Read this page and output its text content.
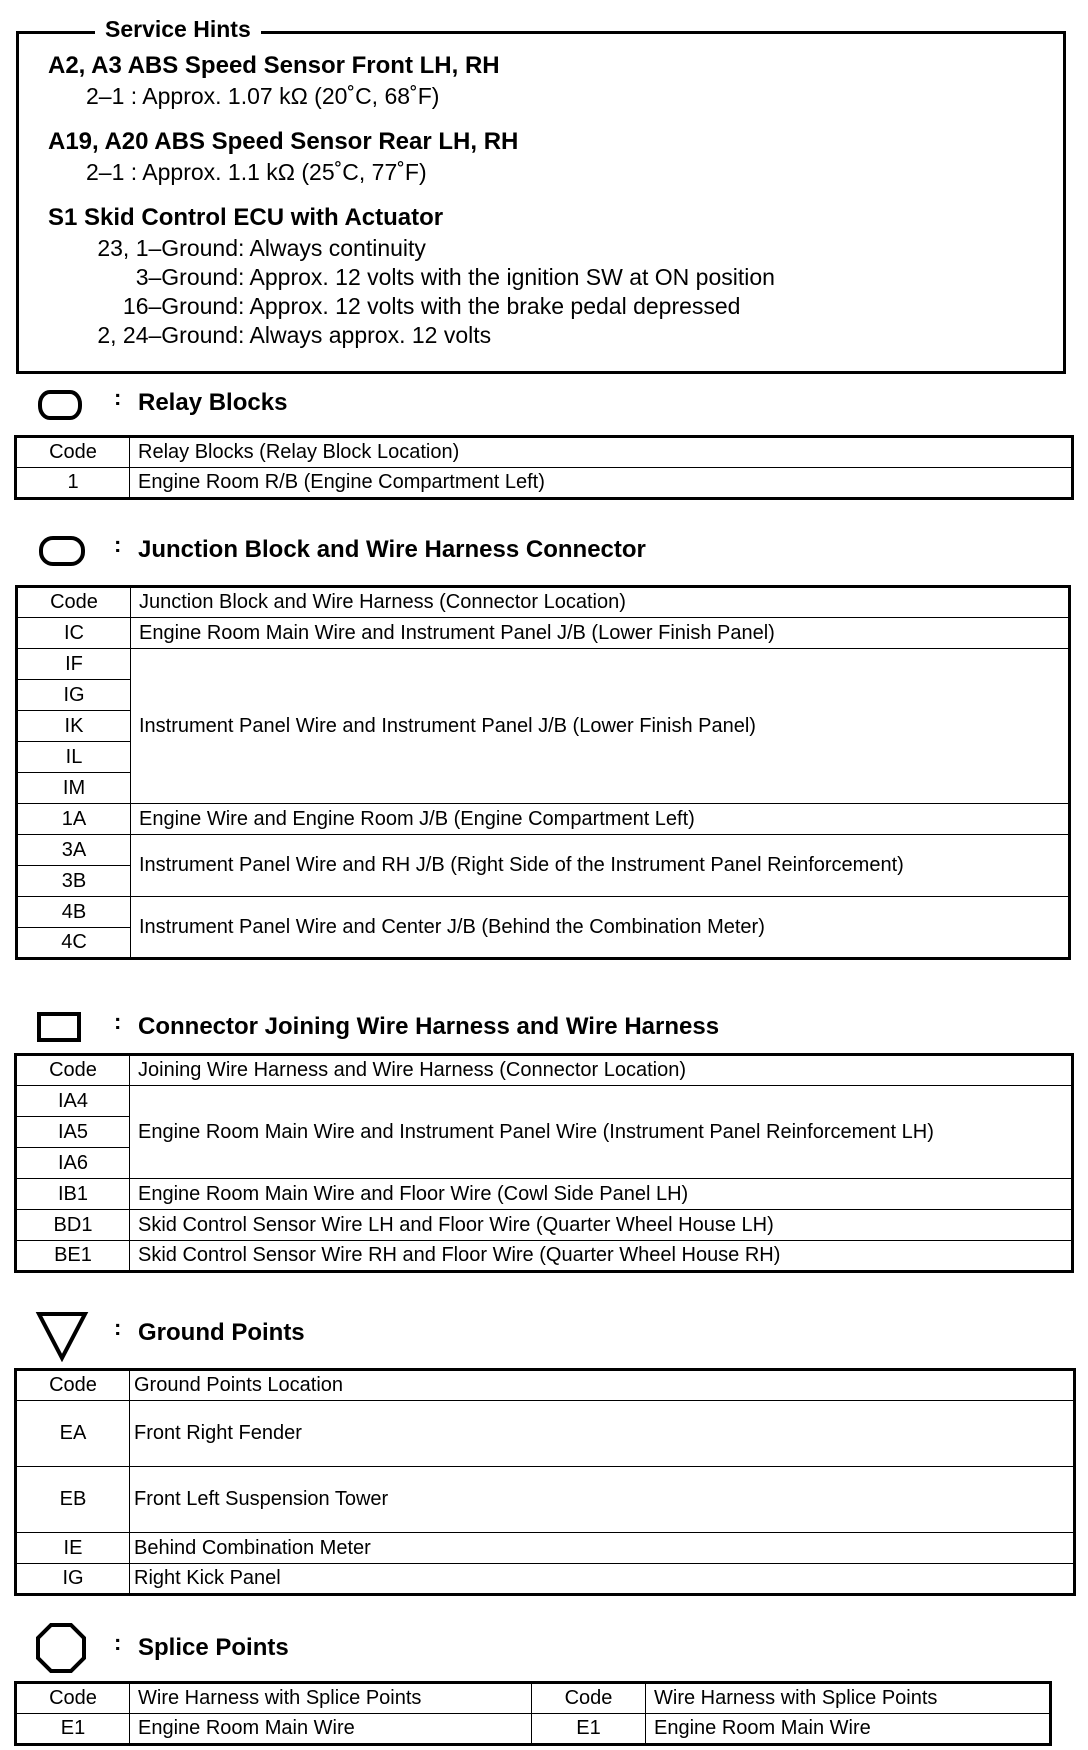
Service Hints
A2, A3 ABS Speed Sensor Front LH, RH
2–1 : Approx. 1.07 kΩ (20˚C, 68˚F)
A19, A20 ABS Speed Sensor Rear LH, RH
2–1 : Approx. 1.1 kΩ (25˚C, 77˚F)
S1 Skid Control ECU with Actuator
23, 1–Ground : Always continuity
3–Ground : Approx. 12 volts with the ignition SW at ON position
16–Ground : Approx. 12 volts with the brake pedal depressed
2, 24–Ground : Always approx. 12 volts
: Relay Blocks
Code	Relay Blocks (Relay Block Location)
1	Engine Room R/B (Engine Compartment Left)
: Junction Block and Wire Harness Connector
Code	Junction Block and Wire Harness (Connector Location)
IC	Engine Room Main Wire and Instrument Panel J/B (Lower Finish Panel)
IF	Instrument Panel Wire and Instrument Panel J/B (Lower Finish Panel)
IG	
IK	
IL	
IM	
1A	Engine Wire and Engine Room J/B (Engine Compartment Left)
3A	Instrument Panel Wire and RH J/B (Right Side of the Instrument Panel Reinforcement)
3B	
4B	Instrument Panel Wire and Center J/B (Behind the Combination Meter)
4C	
: Connector Joining Wire Harness and Wire Harness
Code	Joining Wire Harness and Wire Harness (Connector Location)
IA4	Engine Room Main Wire and Instrument Panel Wire (Instrument Panel Reinforcement LH)
IA5	
IA6	
IB1	Engine Room Main Wire and Floor Wire (Cowl Side Panel LH)
BD1	Skid Control Sensor Wire LH and Floor Wire (Quarter Wheel House LH)
BE1	Skid Control Sensor Wire RH and Floor Wire (Quarter Wheel House RH)
: Ground Points
Code	Ground Points Location
EA	Front Right Fender
EB	Front Left Suspension Tower
IE	Behind Combination Meter
IG	Right Kick Panel
: Splice Points
Code	Wire Harness with Splice Points	Code	Wire Harness with Splice Points
E1	Engine Room Main Wire	E1	Engine Room Main Wire
